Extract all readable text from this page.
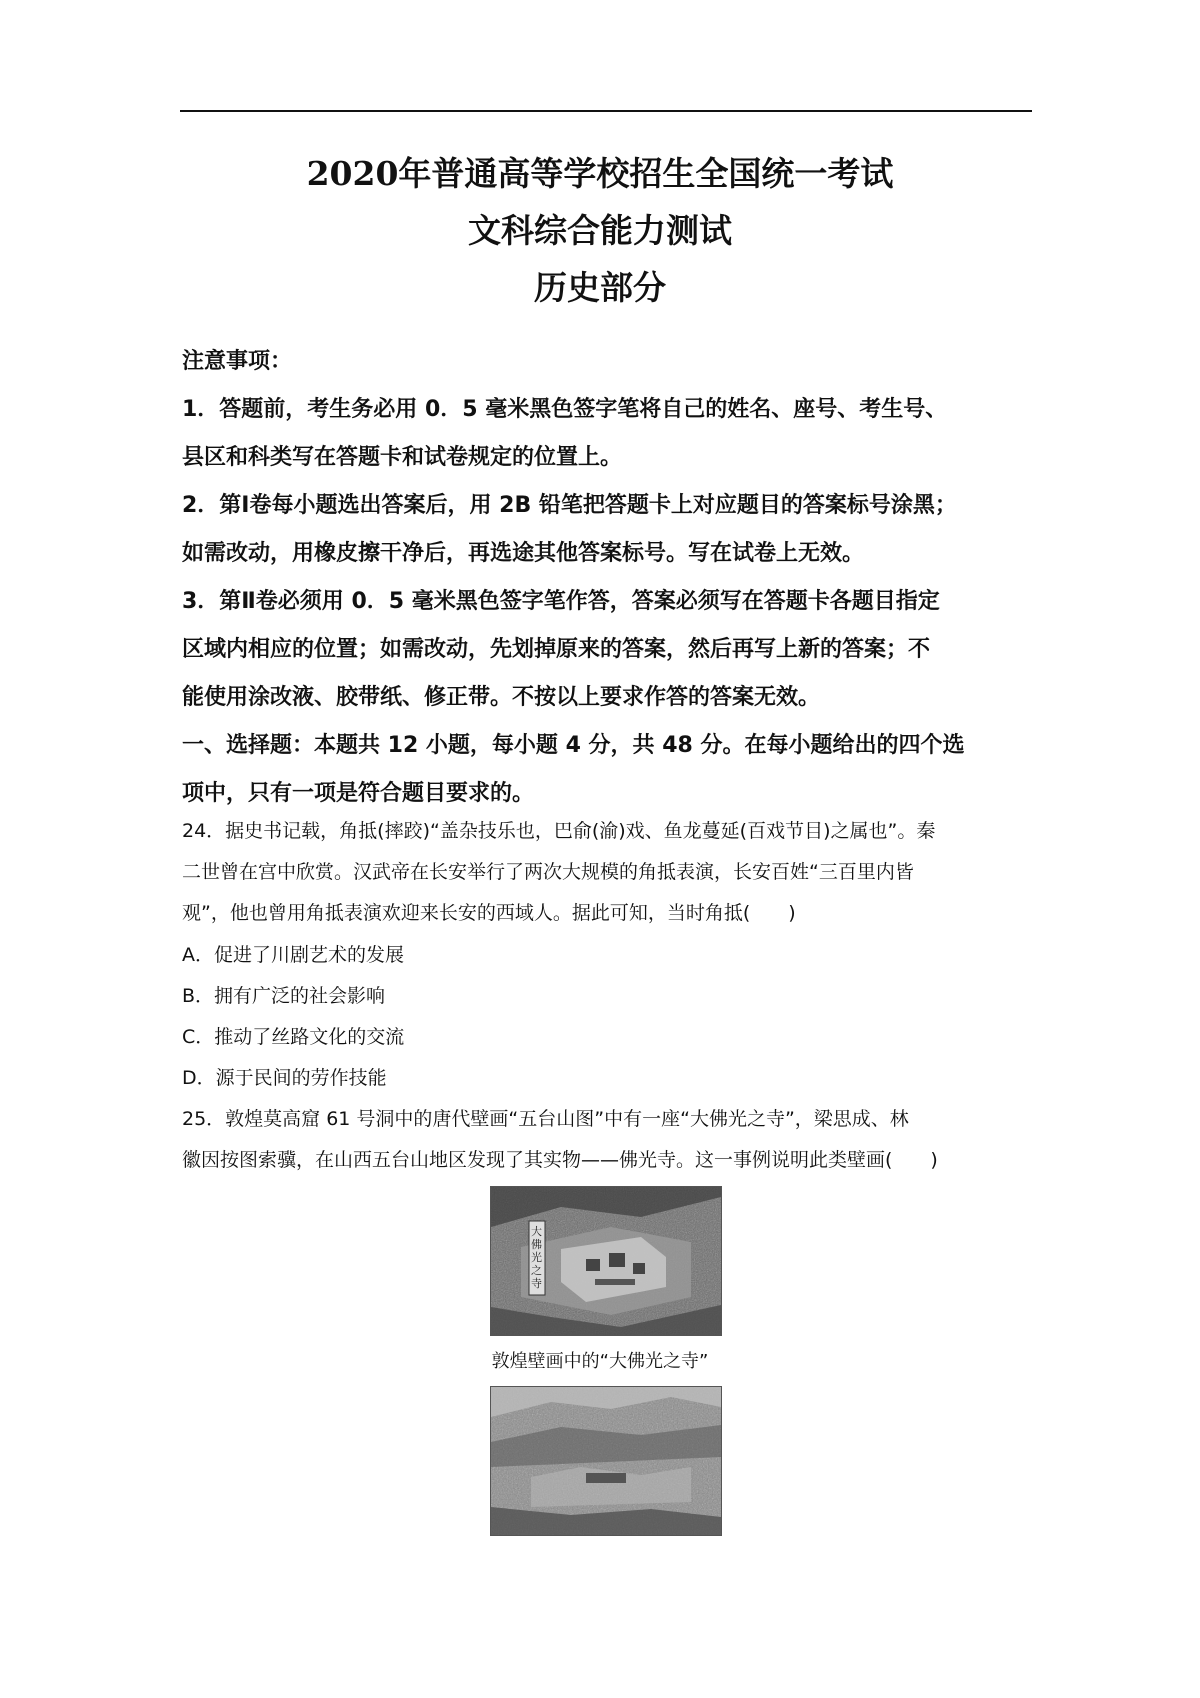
2020年普通高等学校招生全国统一考试
文科综合能力测试
历史部分
注意事项：
1．答题前，考生务必用 0．5 毫米黑色签字笔将自己的姓名、座号、考生号、
县区和科类写在答题卡和试卷规定的位置上。
2．第Ⅰ卷每小题选出答案后，用 2B 铅笔把答题卡上对应题目的答案标号涂黑；
如需改动，用橡皮擦干净后，再选途其他答案标号。写在试卷上无效。
3．第Ⅱ卷必须用 0．5 毫米黑色签字笔作答，答案必须写在答题卡各题目指定
区域内相应的位置；如需改动，先划掉原来的答案，然后再写上新的答案；不
能使用涂改液、胶带纸、修正带。不按以上要求作答的答案无效。
一、选择题：本题共 12 小题，每小题 4 分，共 48 分。在每小题给出的四个选
项中，只有一项是符合题目要求的。
24．据史书记载，角抵(摔跤)“盖杂技乐也，巴俞(渝)戏、鱼龙蔓延(百戏节目)之属也”。秦
二世曾在宫中欣赏。汉武帝在长安举行了两次大规模的角抵表演，长安百姓“三百里内皆
观”，他也曾用角抵表演欢迎来长安的西域人。据此可知，当时角抵(　　)
A．促进了川剧艺术的发展
B．拥有广泛的社会影响
C．推动了丝路文化的交流
D．源于民间的劳作技能
25．敦煌莫高窟 61 号洞中的唐代壁画“五台山图”中有一座“大佛光之寺”，梁思成、林
徽因按图索骥，在山西五台山地区发现了其实物——佛光寺。这一事例说明此类壁画(　　)
大佛光之寺
敦煌壁画中的“大佛光之寺”
